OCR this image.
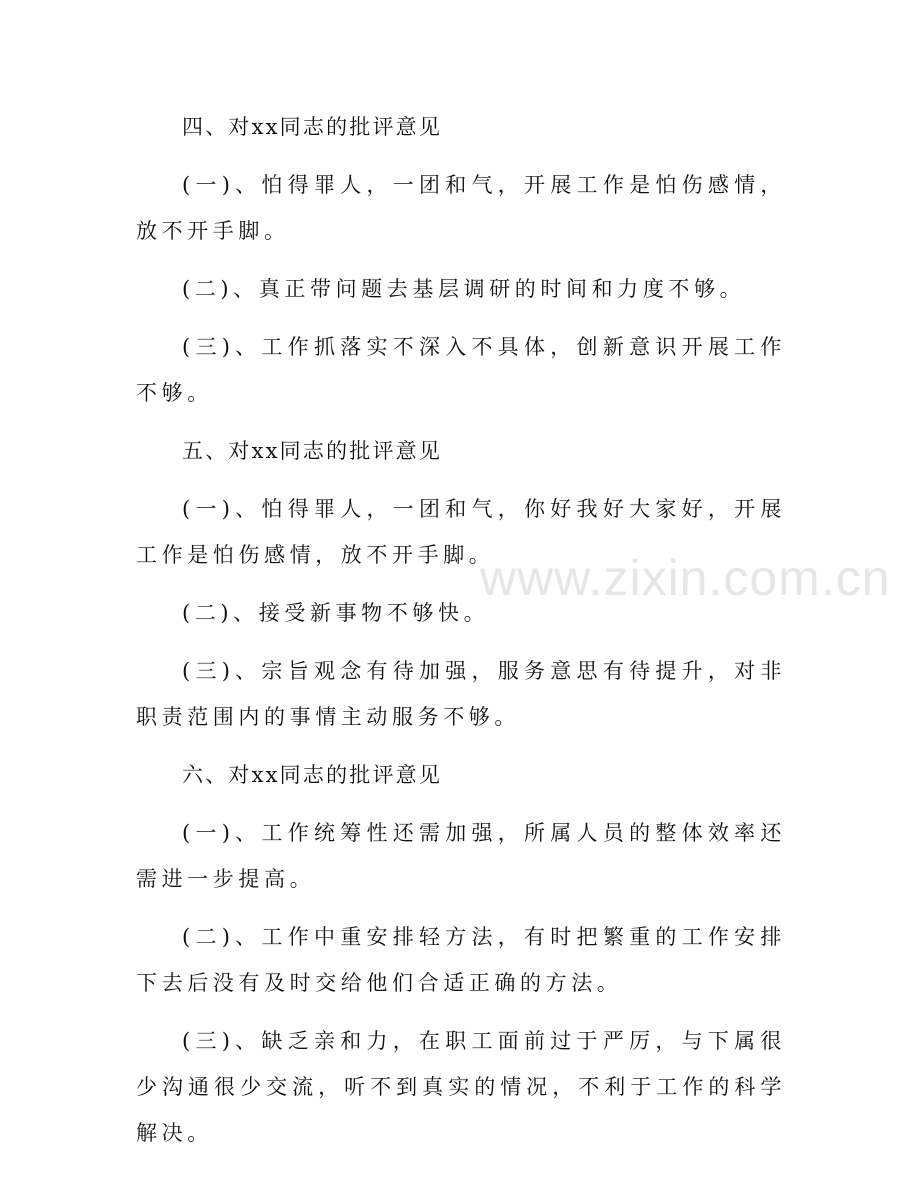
四、对xx同志的批评意见

(一)、怕得罪人，一团和气，开展工作是怕伤感情，放不开手脚。

(二)、真正带问题去基层调研的时间和力度不够。

(三)、工作抓落实不深入不具体，创新意识开展工作不够。

五、对xx同志的批评意见

(一)、怕得罪人，一团和气，你好我好大家好，开展工作是怕伤感情，放不开手脚。

(二)、接受新事物不够快。

(三)、宗旨观念有待加强，服务意思有待提升，对非职责范围内的事情主动服务不够。

六、对xx同志的批评意见

(一)、工作统筹性还需加强，所属人员的整体效率还需进一步提高。

(二)、工作中重安排轻方法，有时把繁重的工作安排下去后没有及时交给他们合适正确的方法。

(三)、缺乏亲和力，在职工面前过于严厉，与下属很少沟通很少交流，听不到真实的情况，不利于工作的科学解决。

www.zixin.com.cn
